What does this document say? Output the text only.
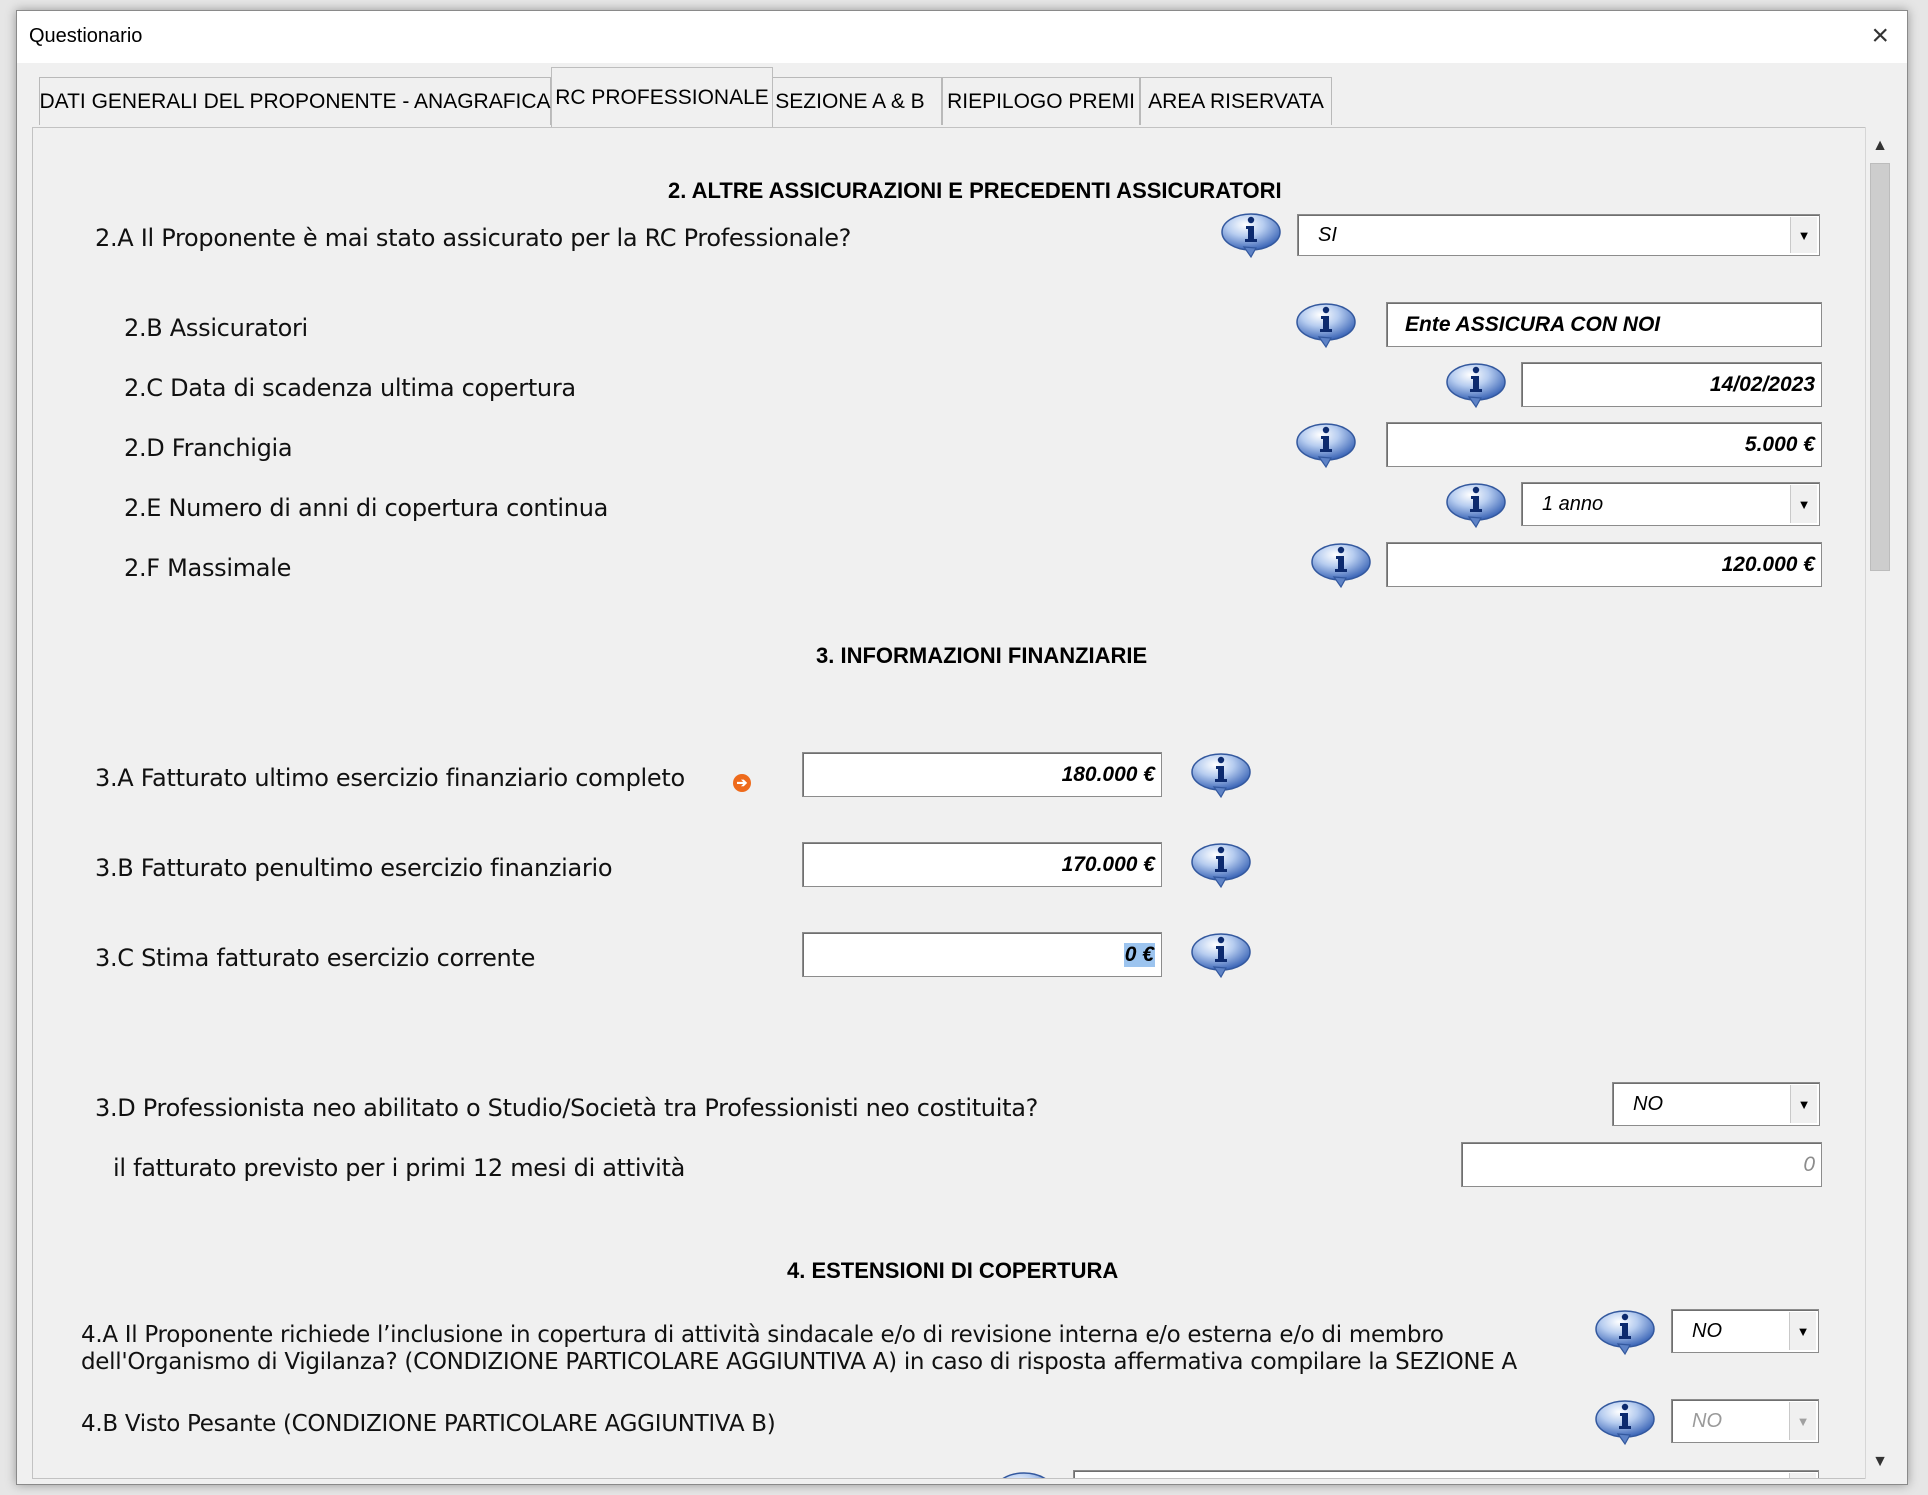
Questionario	×
DATI GENERALI DEL PROPONENTE - ANAGRAFICA RC PROFESSIONALE SEZIONE A & B RIEPILOGO PREMI AREA RISERVATA
2. ALTRE ASSICURAZIONI E PRECEDENTI ASSICURATORI
2.A Il Proponente è mai stato assicurato per la RC Professionale?	SI	▼
2.B Assicuratori	Ente ASSICURA CON NOI
2.C Data di scadenza ultima copertura	14/02/2023
2.D Franchigia	5.000 €
2.E Numero di anni di copertura continua	1 anno	▼
2.F Massimale	120.000 €
3. INFORMAZIONI FINANZIARIE
3.A Fatturato ultimo esercizio finanziario completo	➔	180.000 €
3.B Fatturato penultimo esercizio finanziario	170.000 €
3.C Stima fatturato esercizio corrente	0 €
3.D Professionista neo abilitato o Studio/Società tra Professionisti neo costituita?	NO	▼
il fatturato previsto per i primi 12 mesi di attività	0
4. ESTENSIONI DI COPERTURA
4.A Il Proponente richiede l’inclusione in copertura di attività sindacale e/o di revisione interna e/o esterna e/o di membro
dell'Organismo di Vigilanza? (CONDIZIONE PARTICOLARE AGGIUNTIVA A) in caso di risposta affermativa compilare la SEZIONE A
NO	▼
4.B Visto Pesante (CONDIZIONE PARTICOLARE AGGIUNTIVA B)	NO	▼
▲
▼
